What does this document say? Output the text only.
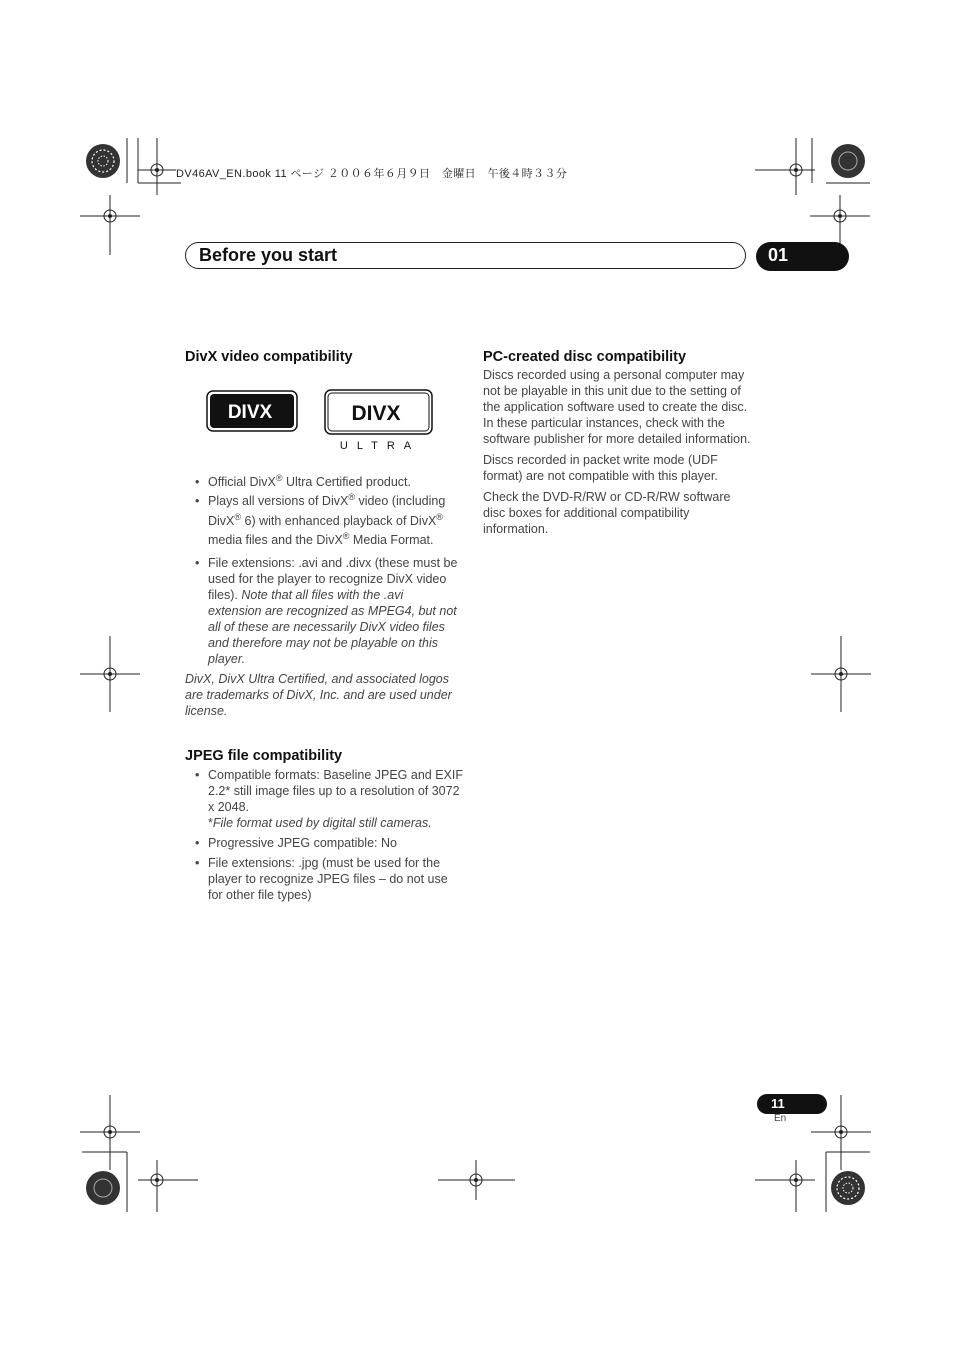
DV46AV_EN.book 11 ページ ２００６年６月９日　金曜日　午後４時３３分
Before you start	01
DivX video compatibility
DIVX	DIVX
ULTRA
• Official DivX® Ultra Certified product.
• Plays all versions of DivX® video (including DivX® 6) with enhanced playback of DivX® media files and the DivX® Media Format.
• File extensions: .avi and .divx (these must be used for the player to recognize DivX video files). Note that all files with the .avi extension are recognized as MPEG4, but not all of these are necessarily DivX video files and therefore may not be playable on this player.

DivX, DivX Ultra Certified, and associated logos are trademarks of DivX, Inc. and are used under license.

JPEG file compatibility
• Compatible formats: Baseline JPEG and EXIF 2.2* still image files up to a resolution of 3072 x 2048.
*File format used by digital still cameras.
• Progressive JPEG compatible: No
• File extensions: .jpg (must be used for the player to recognize JPEG files – do not use for other file types)
PC-created disc compatibility

Discs recorded using a personal computer may not be playable in this unit due to the setting of the application software used to create the disc. In these particular instances, check with the software publisher for more detailed information.

Discs recorded in packet write mode (UDF format) are not compatible with this player.

Check the DVD-R/RW or CD-R/RW software disc boxes for additional compatibility information.

11
En
